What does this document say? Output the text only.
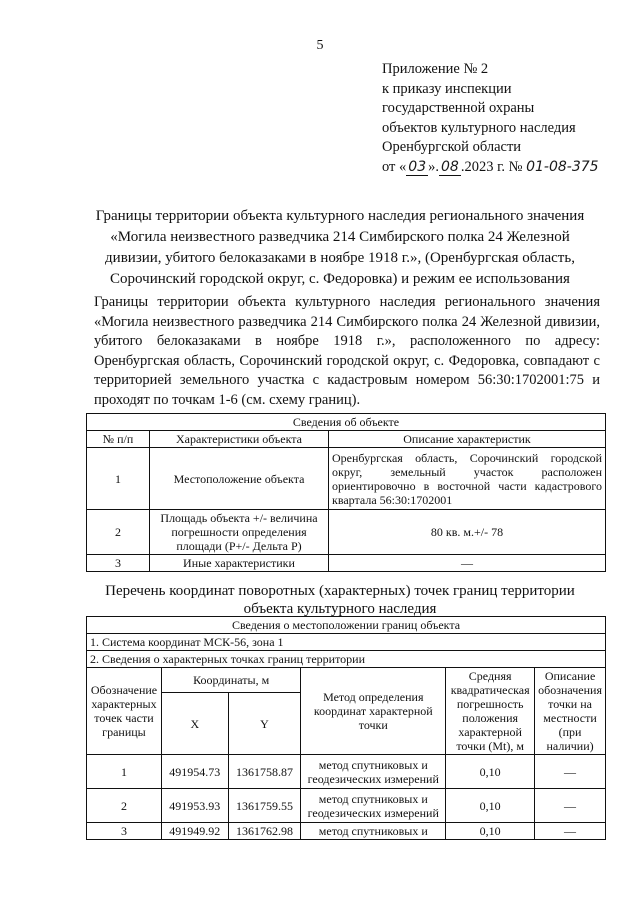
5
Приложение № 2
к приказу инспекции
государственной охраны
объектов культурного наследия
Оренбургской области
от « 03 ». 08 .2023 г. № 01-08-375
Границы территории объекта культурного наследия регионального значения
«Могила неизвестного разведчика 214 Симбирского полка 24 Железной
дивизии, убитого белоказаками в ноябре 1918 г.», (Оренбургская область,
Сорочинский городской округ, с. Федоровка) и режим ее использования
Границы территории объекта культурного наследия регионального значения «Могила неизвестного разведчика 214 Симбирского полка 24 Железной дивизии, убитого белоказаками в ноябре 1918 г.», расположенного по адресу: Оренбургская область, Сорочинский городской округ, с. Федоровка, совпадают с территорией земельного участка с кадастровым номером 56:30:1702001:75 и проходят по точкам 1-6 (см. схему границ).
Сведения об объекте		
№ п/п	Характеристики объекта	Описание характеристик
1	Местоположение объекта	Оренбургская область, Сорочинский городской округ, земельный участок расположен ориентировочно в восточной части кадастрового квартала 56:30:1702001
2	Площадь объекта +/- величина погрешности определения площади (Р+/- Дельта Р)	80 кв. м.+/- 78
3	Иные характеристики	—
Перечень координат поворотных (характерных) точек границ территории
объекта культурного наследия
Сведения о местоположении границ объекта					
1. Система координат МСК-56, зона 1					
2. Сведения о характерных точках границ территории					
Обозначение характерных точек части границы	Координаты, м		Метод определения координат характерной точки	Средняя квадратическая погрешность положения характерной точки (Mt), м	Описание обозначения точки на местности (при наличии)
	X	Y			
1	491954.73	1361758.87	метод спутниковых и геодезических измерений	0,10	—
2	491953.93	1361759.55	метод спутниковых и геодезических измерений	0,10	—
3	491949.92	1361762.98	метод спутниковых и	0,10	—
